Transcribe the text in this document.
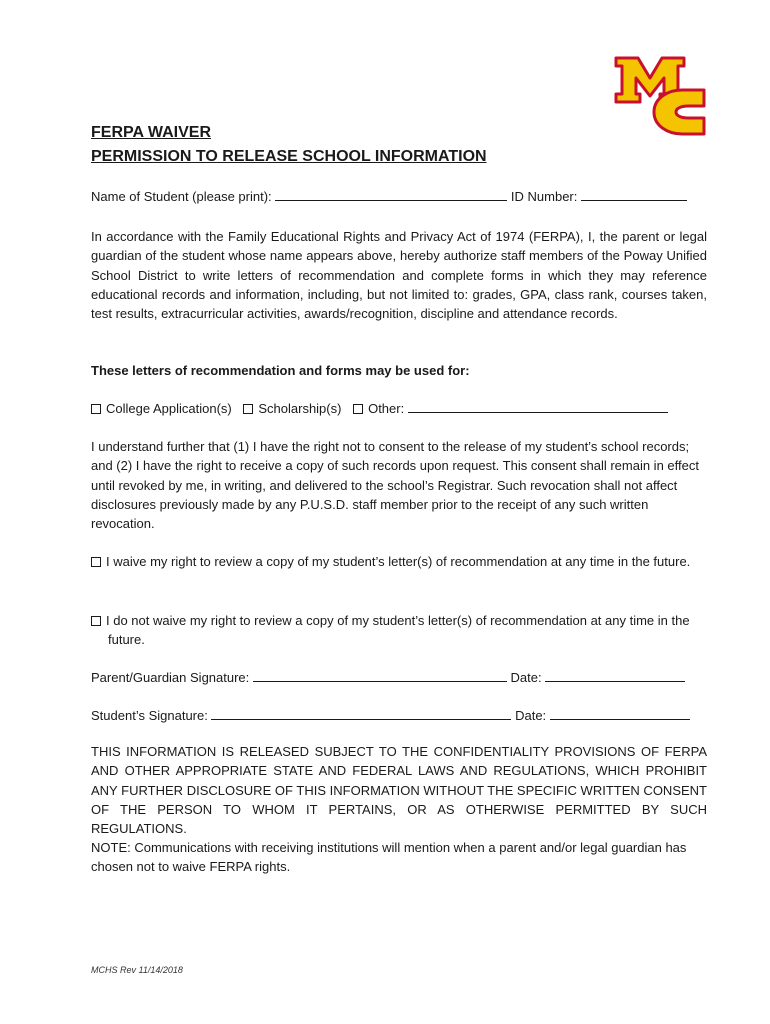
FERPA WAIVER
PERMISSION TO RELEASE SCHOOL INFORMATION
Name of Student (please print):	ID Number:
In accordance with the Family Educational Rights and Privacy Act of 1974 (FERPA), I, the parent or legal guardian of the student whose name appears above, hereby authorize staff members of the Poway Unified School District to write letters of recommendation and complete forms in which they may reference educational records and information, including, but not limited to: grades, GPA, class rank, courses taken, test results, extracurricular activities, awards/recognition, discipline and attendance records.
These letters of recommendation and forms may be used for:
College Application(s) Scholarship(s) Other:
I understand further that (1) I have the right not to consent to the release of my student’s school records; and (2) I have the right to receive a copy of such records upon request. This consent shall remain in effect until revoked by me, in writing, and delivered to the school’s Registrar. Such revocation shall not affect disclosures previously made by any P.U.S.D. staff member prior to the receipt of any such written revocation.
I waive my right to review a copy of my student’s letter(s) of recommendation at any time in the future.
I do not waive my right to review a copy of my student’s letter(s) of recommendation at any time in the future.
Parent/Guardian Signature:	Date:
Student’s Signature:	Date:
THIS INFORMATION IS RELEASED SUBJECT TO THE CONFIDENTIALITY PROVISIONS OF FERPA AND OTHER APPROPRIATE STATE AND FEDERAL LAWS AND REGULATIONS, WHICH PROHIBIT ANY FURTHER DISCLOSURE OF THIS INFORMATION WITHOUT THE SPECIFIC WRITTEN CONSENT OF THE PERSON TO WHOM IT PERTAINS, OR AS OTHERWISE PERMITTED BY SUCH REGULATIONS.
NOTE: Communications with receiving institutions will mention when a parent and/or legal guardian has chosen not to waive FERPA rights.
MCHS Rev 11/14/2018
